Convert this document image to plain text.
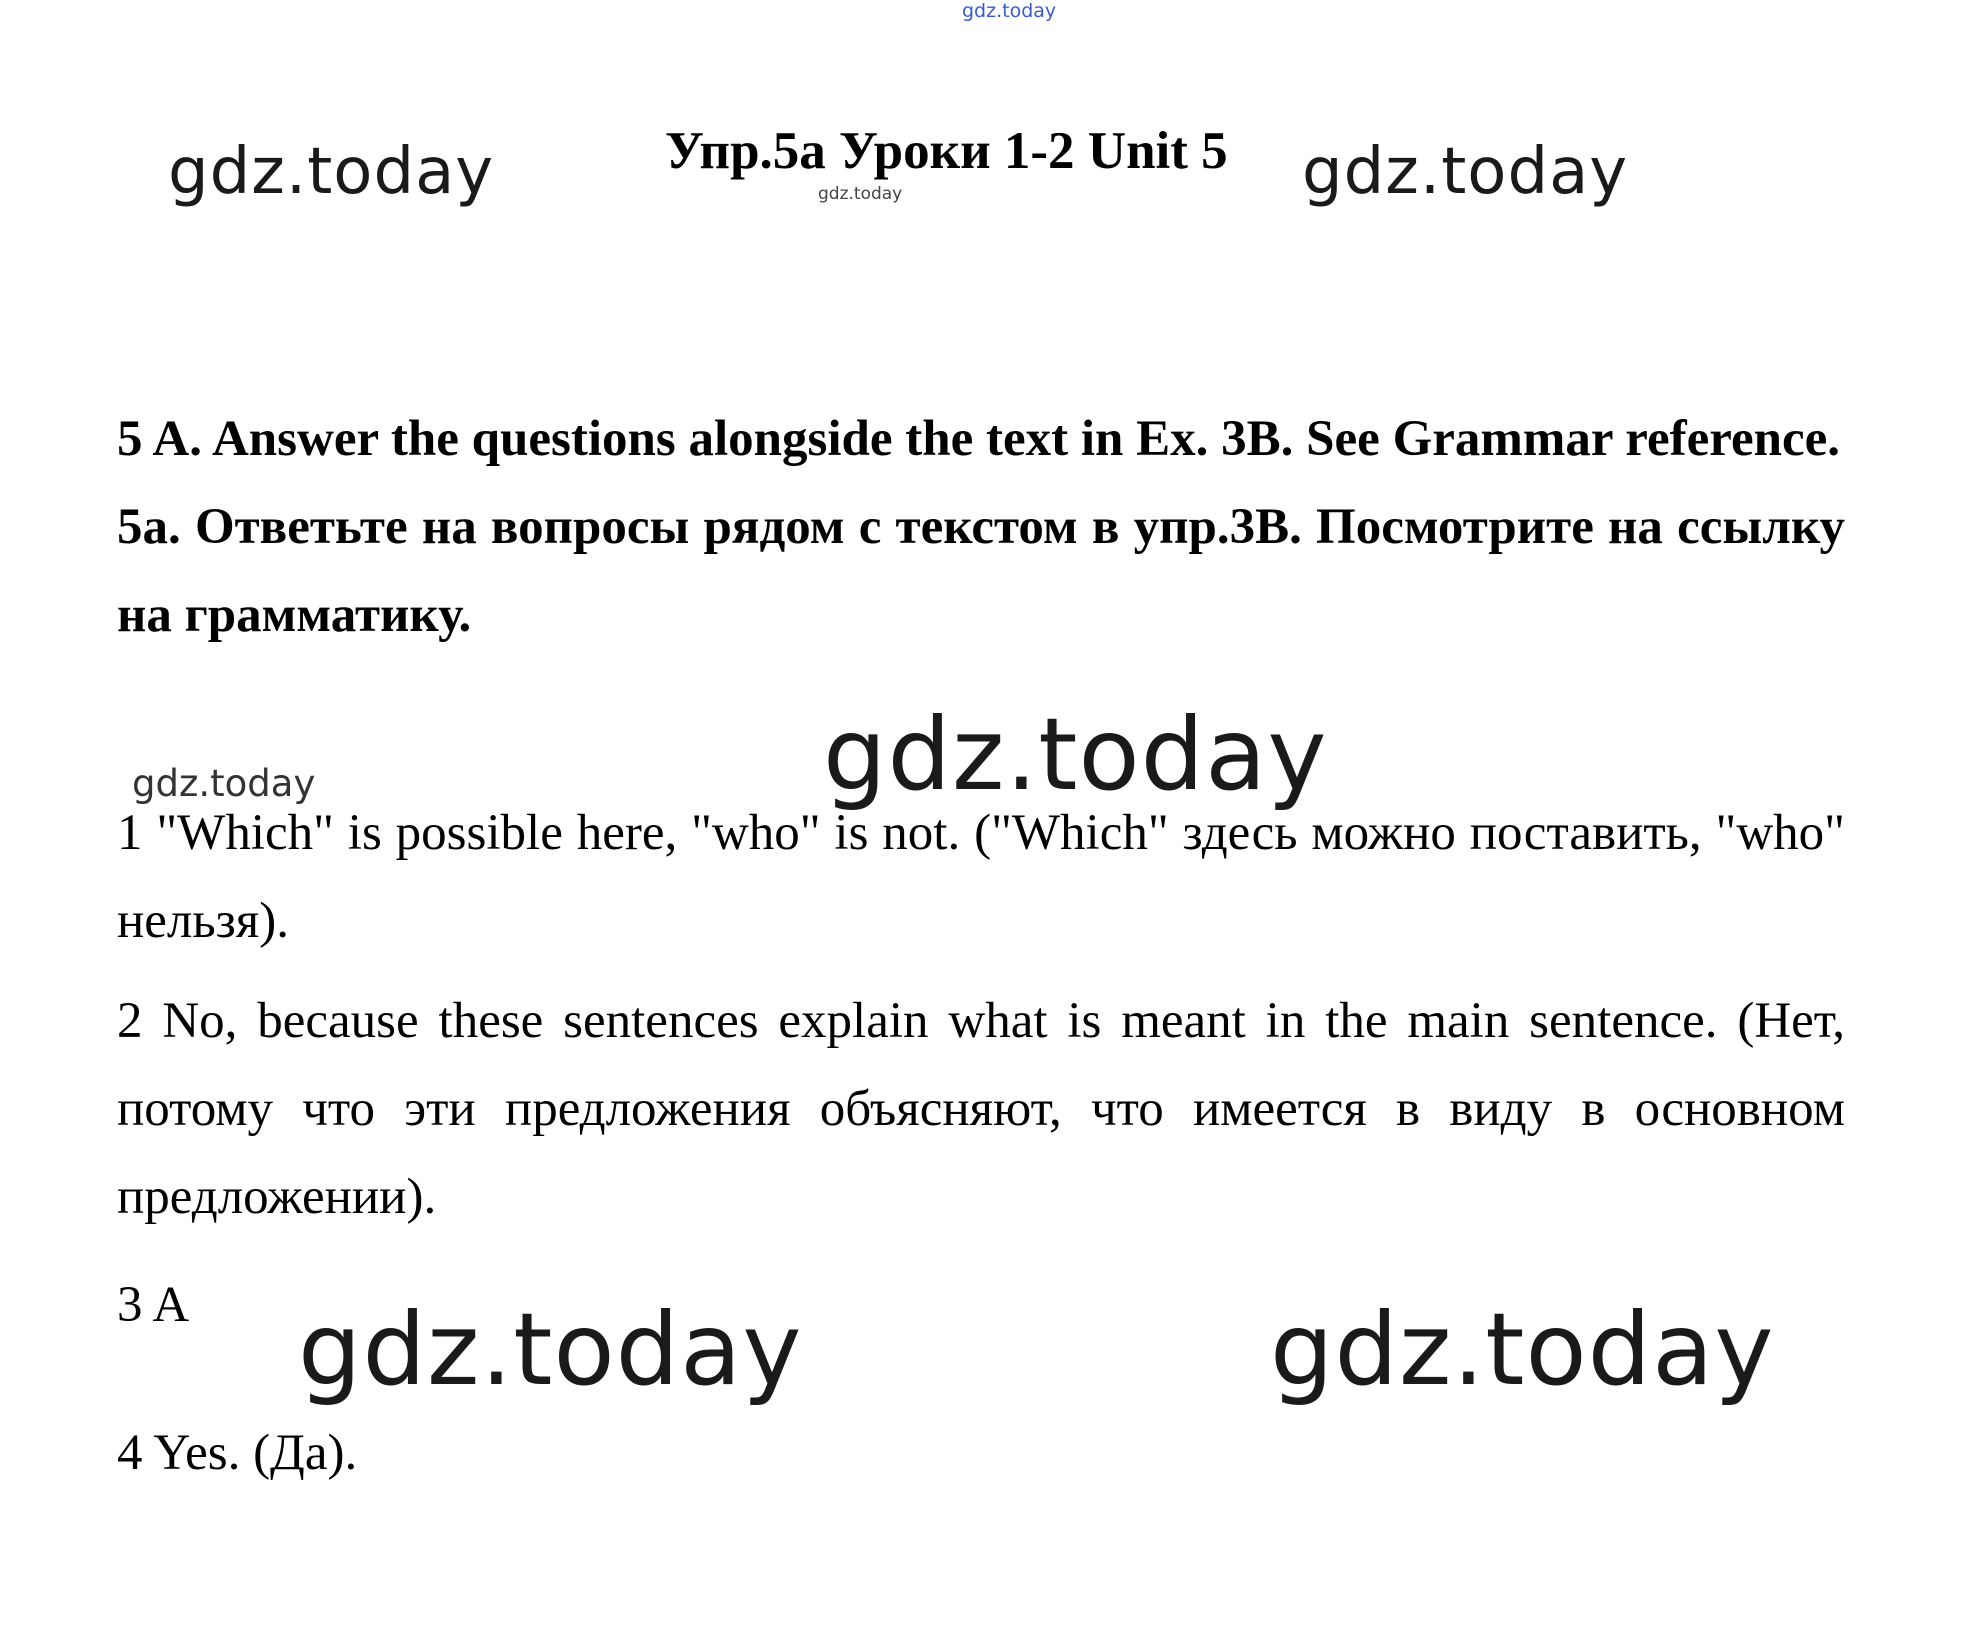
gdz.today
gdz.today	gdz.today
gdz.today
Упр.5а Уроки 1-2 Unit 5

5 A. Answer the questions alongside the text in Ex. 3B. See Grammar reference.

5a. Ответьте на вопросы рядом с текстом в упр.3В. Посмотрите на ссылку на грамматику.

gdz.today
gdz.today

1 "Which" is possible here, "who" is not. ("Which" здесь можно поставить, "who" нельзя).

2 No, because these sentences explain what is meant in the main sentence. (Нет, потому что эти предложения объясняют, что имеется в виду в основном предложении).

3 A

4 Yes. (Да).

gdz.today	gdz.today
